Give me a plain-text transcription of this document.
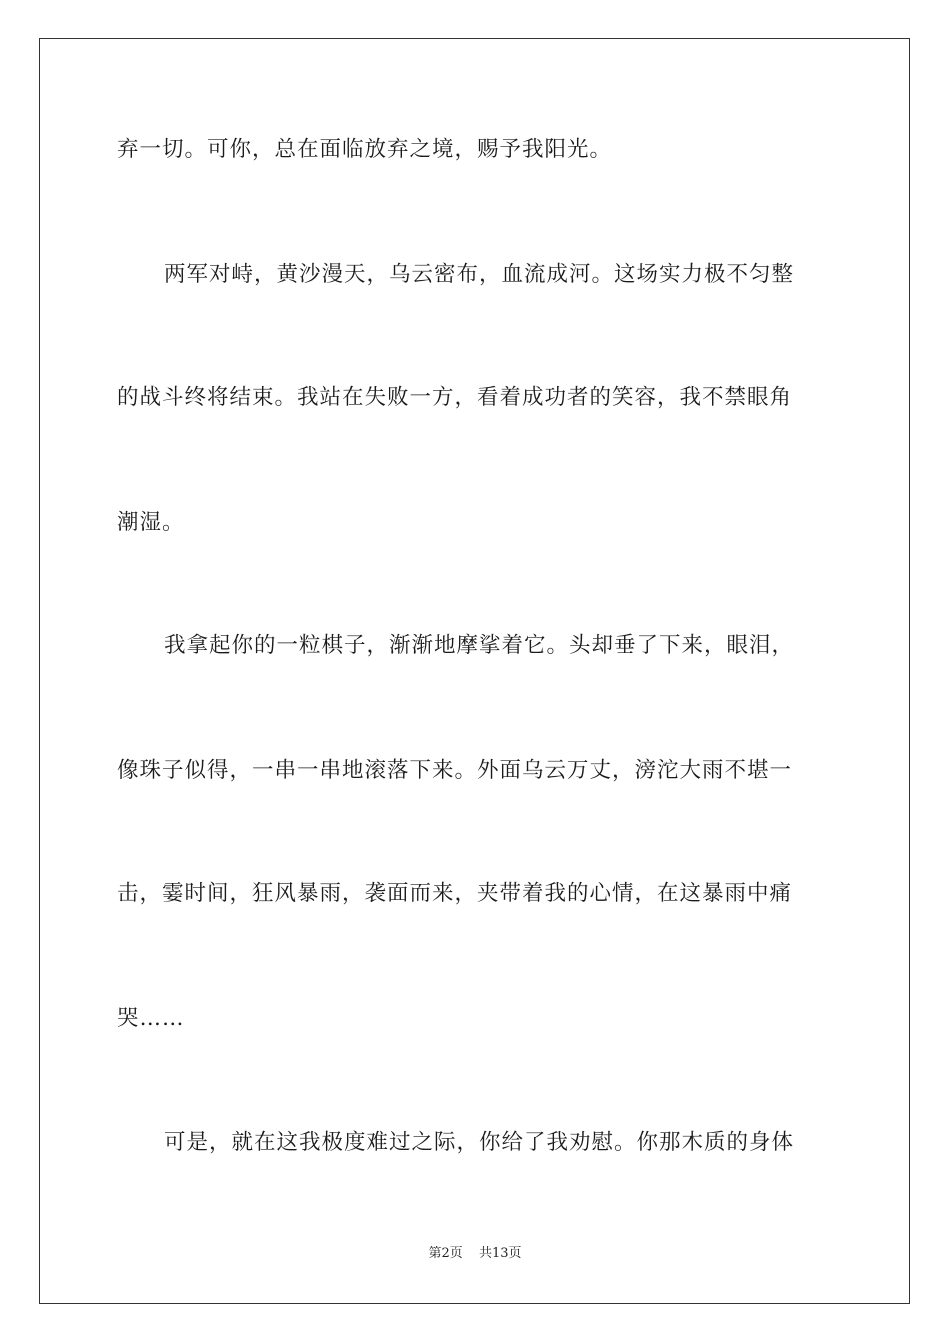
弃一切。可你，总在面临放弃之境，赐予我阳光。
两军对峙，黄沙漫天，乌云密布，血流成河。这场实力极不匀整
的战斗终将结束。我站在失败一方，看着成功者的笑容，我不禁眼角
潮湿。
我拿起你的一粒棋子，渐渐地摩挲着它。头却垂了下来，眼泪，
像珠子似得，一串一串地滚落下来。外面乌云万丈，滂沱大雨不堪一
击，霎时间，狂风暴雨，袭面而来，夹带着我的心情，在这暴雨中痛
哭……
可是，就在这我极度难过之际，你给了我劝慰。你那木质的身体
第2页 共13页
